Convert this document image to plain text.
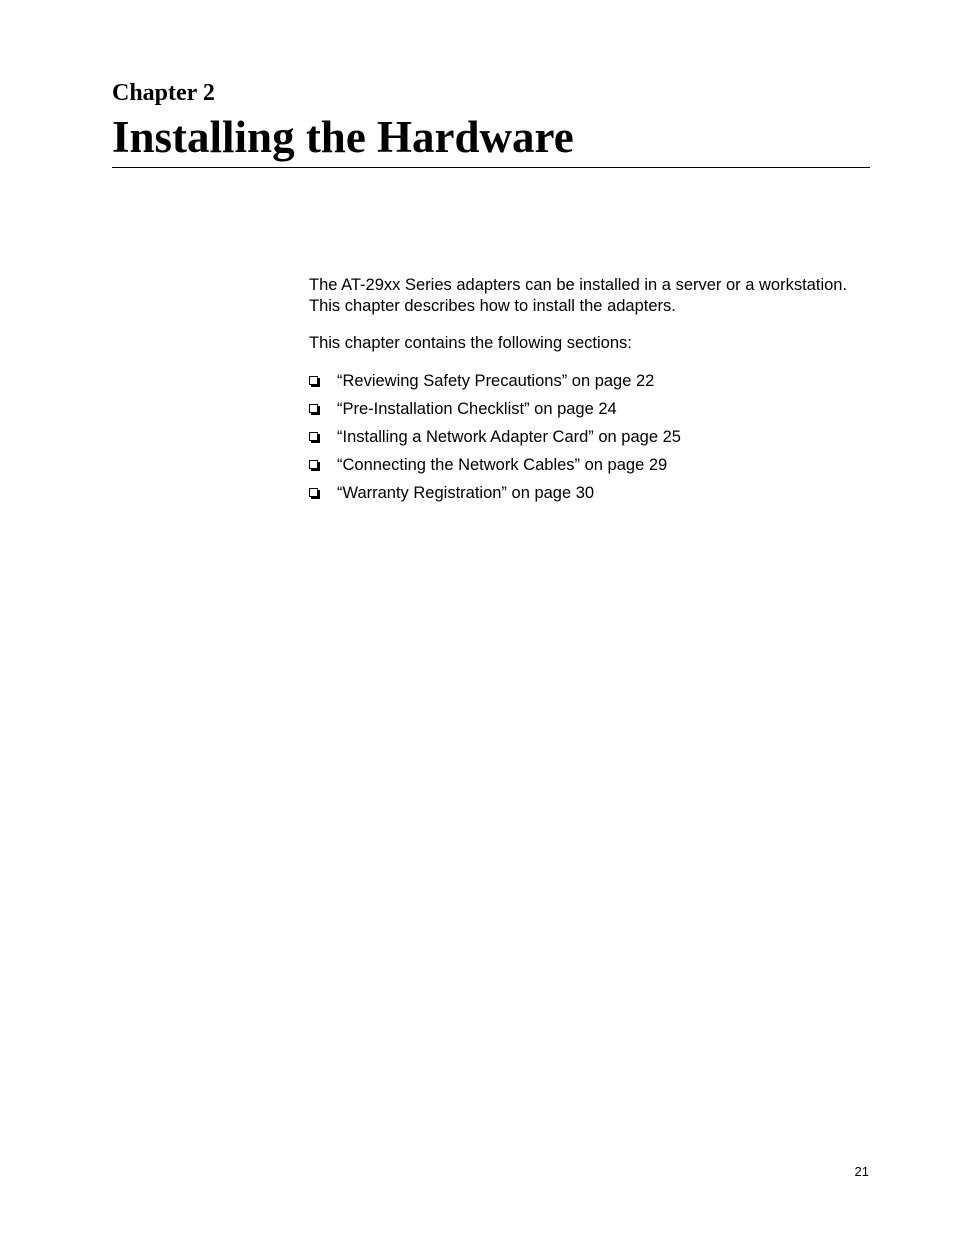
Chapter 2
Installing the Hardware

The AT-29xx Series adapters can be installed in a server or a workstation.
This chapter describes how to install the adapters.

This chapter contains the following sections:

“Reviewing Safety Precautions” on page 22
“Pre-Installation Checklist” on page 24
“Installing a Network Adapter Card” on page 25
“Connecting the Network Cables” on page 29
“Warranty Registration” on page 30
21
